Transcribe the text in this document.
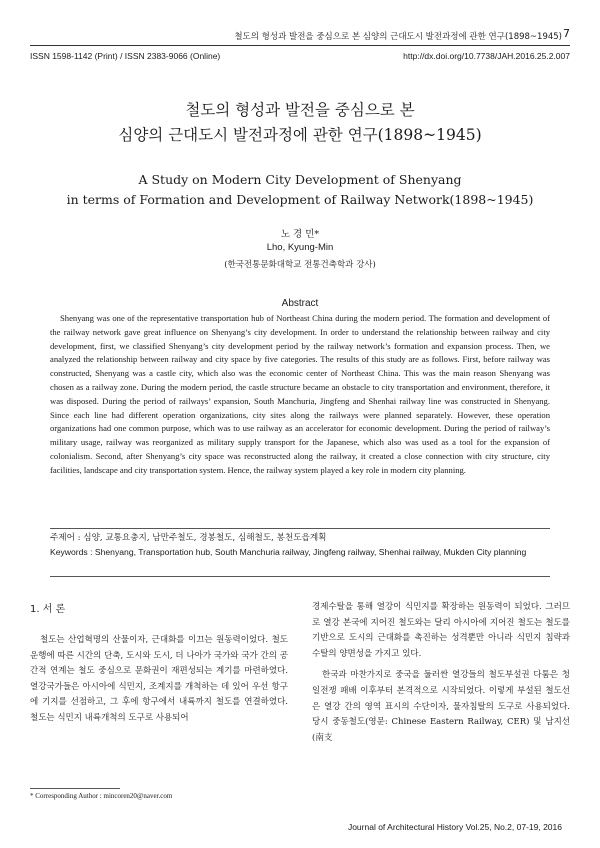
철도의 형성과 발전을 중심으로 본 심양의 근대도시 발전과정에 관한 연구(1898~1945) 7
ISSN 1598-1142 (Print) / ISSN 2383-9066 (Online)	http://dx.doi.org/10.7738/JAH.2016.25.2.007
철도의 형성과 발전을 중심으로 본
심양의 근대도시 발전과정에 관한 연구(1898~1945)
A Study on Modern City Development of Shenyang
in terms of Formation and Development of Railway Network(1898~1945)
노 경 민*
Lho, Kyung-Min
(한국전통문화대학교 전통건축학과 강사)
Abstract
Shenyang was one of the representative transportation hub of Northeast China during the modern period. The formation and development of the railway network gave great influence on Shenyang’s city development. In order to understand the relationship between railway and city development, first, we classified Shenyang’s city development period by the railway network’s formation and expansion process. Then, we analyzed the relationship between railway and city space by five categories. The results of this study are as follows. First, before railway was constructed, Shenyang was a castle city, which also was the economic center of Northeast China. This was the main reason Shenyang was chosen as a railway zone. During the modern period, the castle structure became an obstacle to city transportation and environment, therefore, it was disposed. During the period of railways’ expansion, South Manchuria, Jingfeng and Shenhai railway line was constructed in Shenyang. Since each line had different operation organizations, city sites along the railways were planned separately. However, these operation organizations had one common purpose, which was to use railway as an accelerator for economic development. During the period of railway’s military usage, railway was reorganized as military supply transport for the Japanese, which also was used as a tool for the expansion of colonialism. Second, after Shenyang’s city space was reconstructed along the railway, it created a close connection with city structure, city facilities, landscape and city transportation system. Hence, the railway system played a key role in modern city planning.
주제어 : 심양, 교통요충지, 남만주철도, 경봉철도, 심해철도, 봉천도읍계획
Keywords : Shenyang, Transportation hub, South Manchuria railway, Jingfeng railway, Shenhai railway, Mukden City planning
1. 서 론

철도는 산업혁명의 산물이자, 근대화를 이끄는 원동력이었다. 철도운행에 따른 시간의 단축, 도시와 도시, 더 나아가 국가와 국가 간의 공간적 연계는 철도 중심으로 문화권이 재편성되는 계기를 마련하였다. 열강국가들은 아시아에 식민지, 조계지를 개척하는 데 있어 우선 항구에 기지를 선점하고, 그 후에 항구에서 내륙까지 철도를 연결하였다. 철도는 식민지 내륙개척의 도구로 사용되어

경제수탈을 통해 열강이 식민지를 확장하는 원동력이 되었다. 그러므로 열강 본국에 지어진 철도와는 달리 아시아에 지어진 철도는 철도를 기반으로 도시의 근대화를 촉진하는 성격뿐만 아니라 식민지 침략과 수탈의 양면성을 가지고 있다.

한국과 마찬가지로 중국을 둘러싼 열강들의 철도부설권 다툼은 청일전쟁 패배 이후부터 본격적으로 시작되었다. 이렇게 부설된 철도선은 열강 간의 영역 표시의 수단이자, 물자침탈의 도구로 사용되었다. 당시 중동철도(영문: Chinese Eastern Railway, CER) 및 남지선(南支

* Corresponding Author : mincoren20@naver.com
Journal of Architectural History Vol.25, No.2, 07-19, 2016
